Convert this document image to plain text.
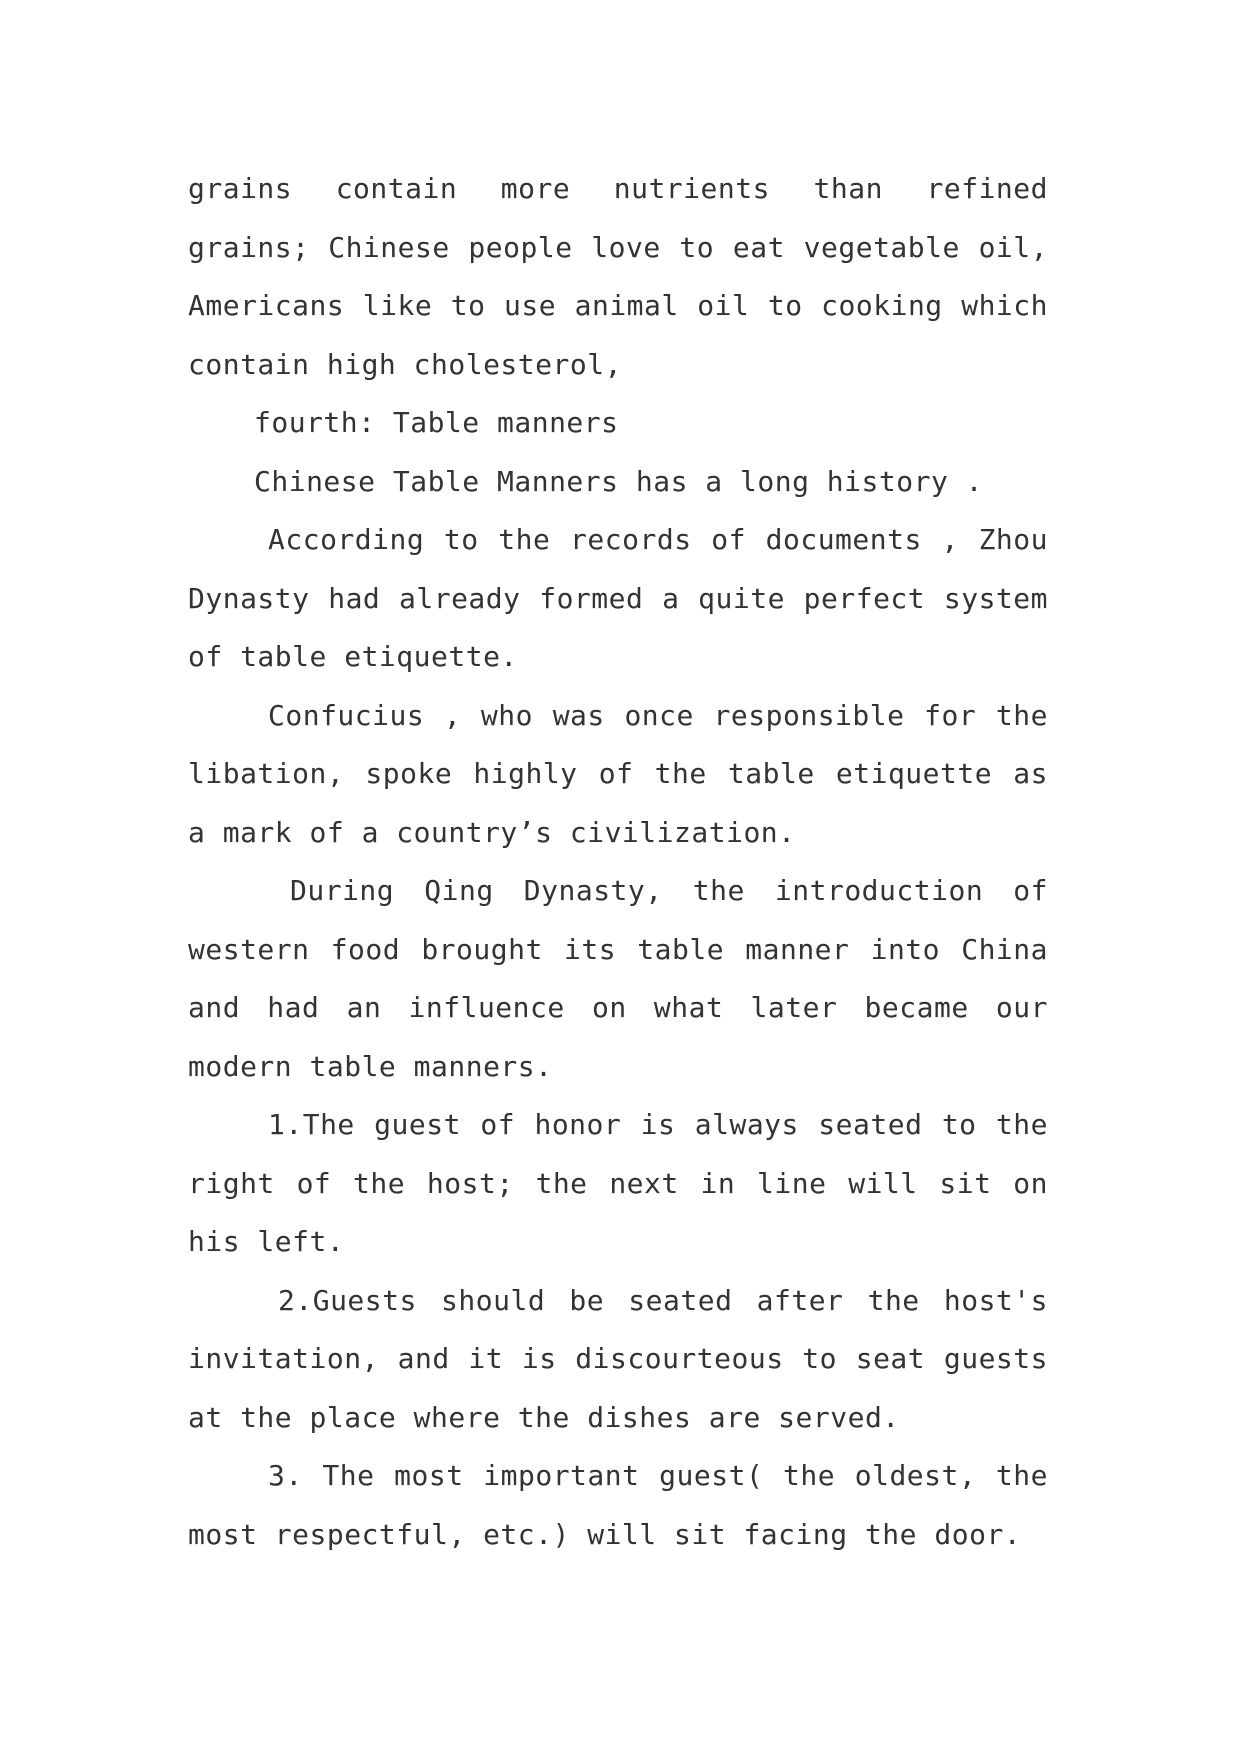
grains contain more nutrients than refined grains; Chinese people love to eat vegetable oil, Americans like to use animal oil to cooking which contain high cholesterol,

fourth: Table manners

Chinese Table Manners has a long history .

According to the records of documents , Zhou Dynasty had already formed a quite perfect system of table etiquette.

Confucius , who was once responsible for the libation, spoke highly of the table etiquette as a mark of a country’s civilization.

During Qing Dynasty, the introduction of western food brought its table manner into China and had an influence on what later became our modern table manners.

1.The guest of honor is always seated to the right of the host; the next in line will sit on his left.

2.Guests should be seated after the host's invitation, and it is discourteous to seat guests at the place where the dishes are served.

3. The most important guest( the oldest, the most respectful, etc.) will sit facing the door.
